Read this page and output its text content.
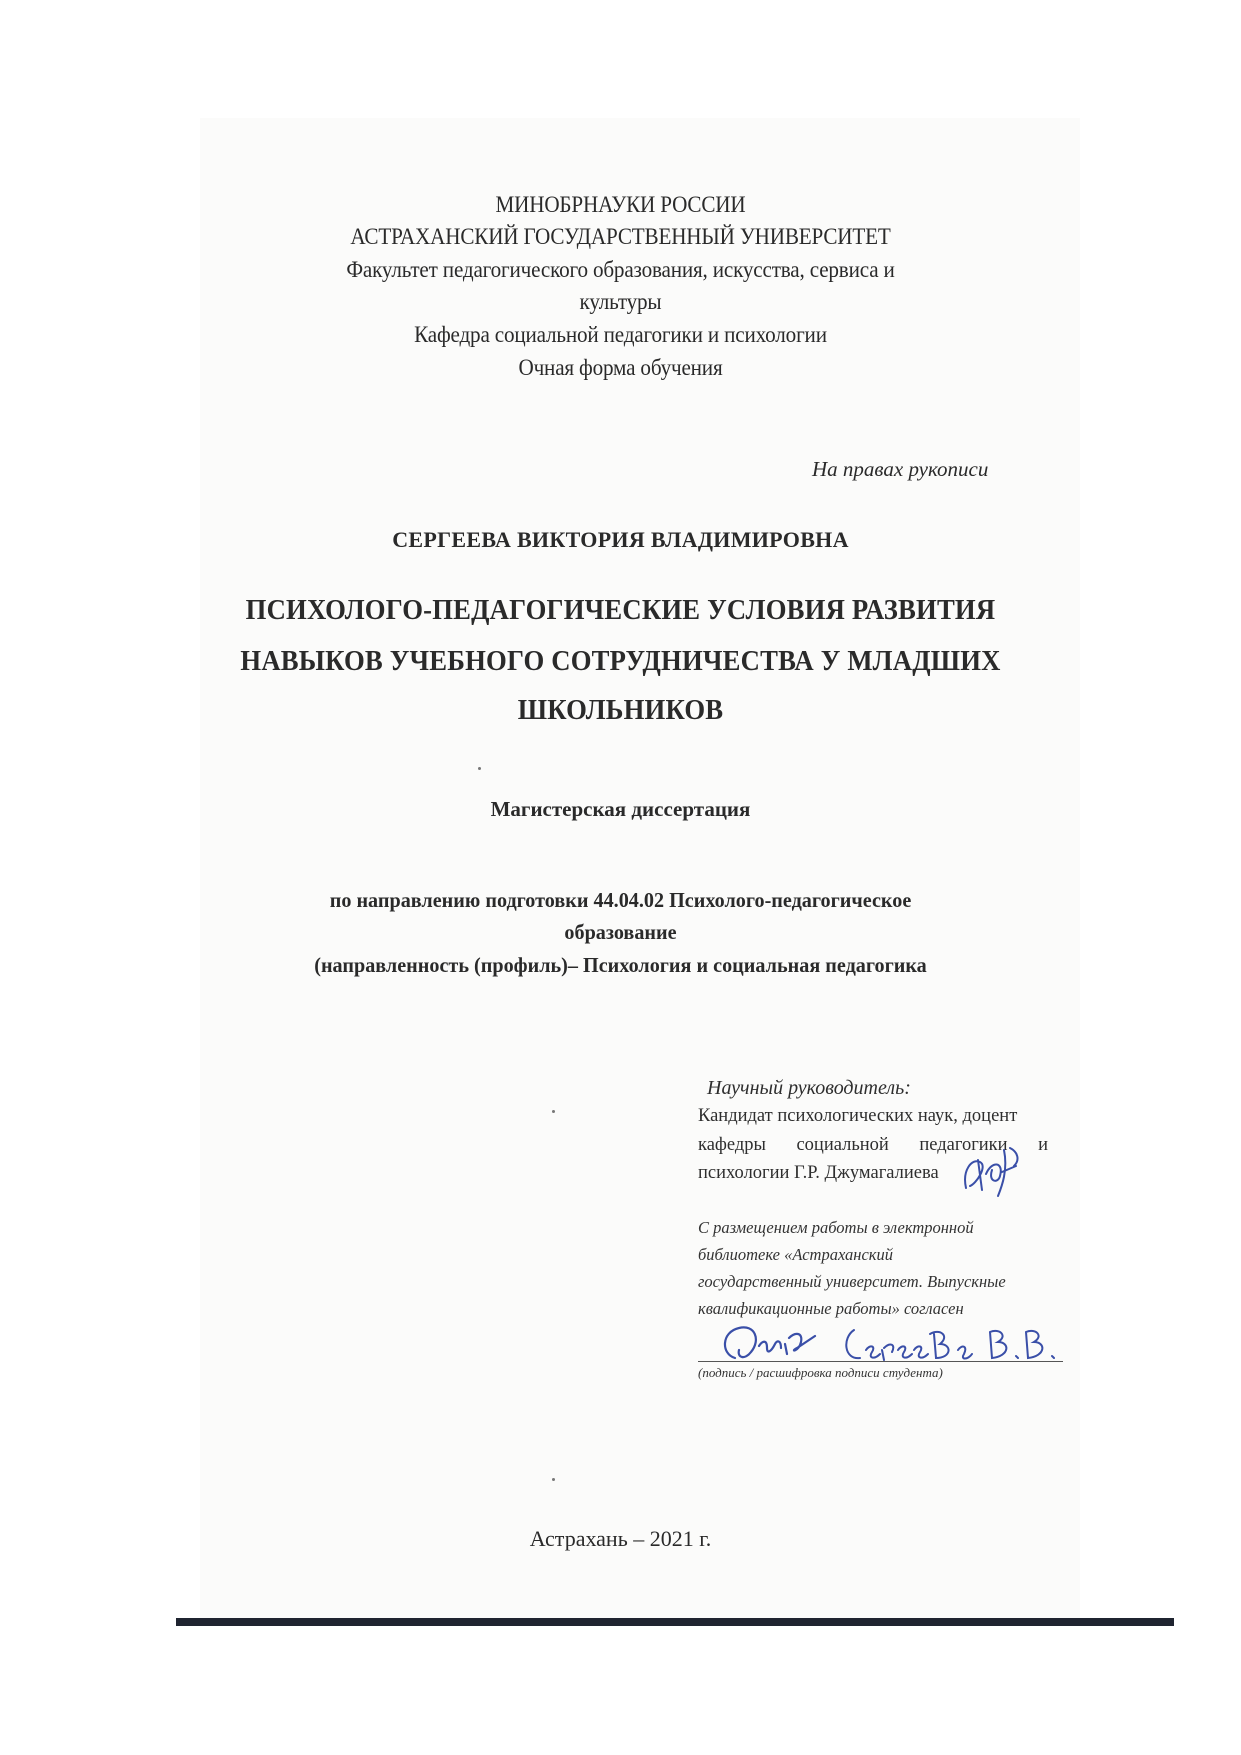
МИНОБРНАУКИ РОССИИ
АСТРАХАНСКИЙ ГОСУДАРСТВЕННЫЙ УНИВЕРСИТЕТ
Факультет педагогического образования, искусства, сервиса и
культуры
Кафедра социальной педагогики и психологии
Очная форма обучения
На правах рукописи
СЕРГЕЕВА ВИКТОРИЯ ВЛАДИМИРОВНА
ПСИХОЛОГО-ПЕДАГОГИЧЕСКИЕ УСЛОВИЯ РАЗВИТИЯ
НАВЫКОВ УЧЕБНОГО СОТРУДНИЧЕСТВА У МЛАДШИХ
ШКОЛЬНИКОВ
Магистерская диссертация
по направлению подготовки 44.04.02 Психолого-педагогическое
образование
(направленность (профиль)– Психология и социальная педагогика
Научный руководитель:
Кандидат психологических наук, доцент
кафедры социальной педагогики и
психологии Г.Р. Джумагалиева
С размещением работы в электронной
библиотеке «Астраханский
государственный университет. Выпускные
квалификационные работы» согласен
(подпись / расшифровка подписи студента)
Астрахань – 2021 г.
